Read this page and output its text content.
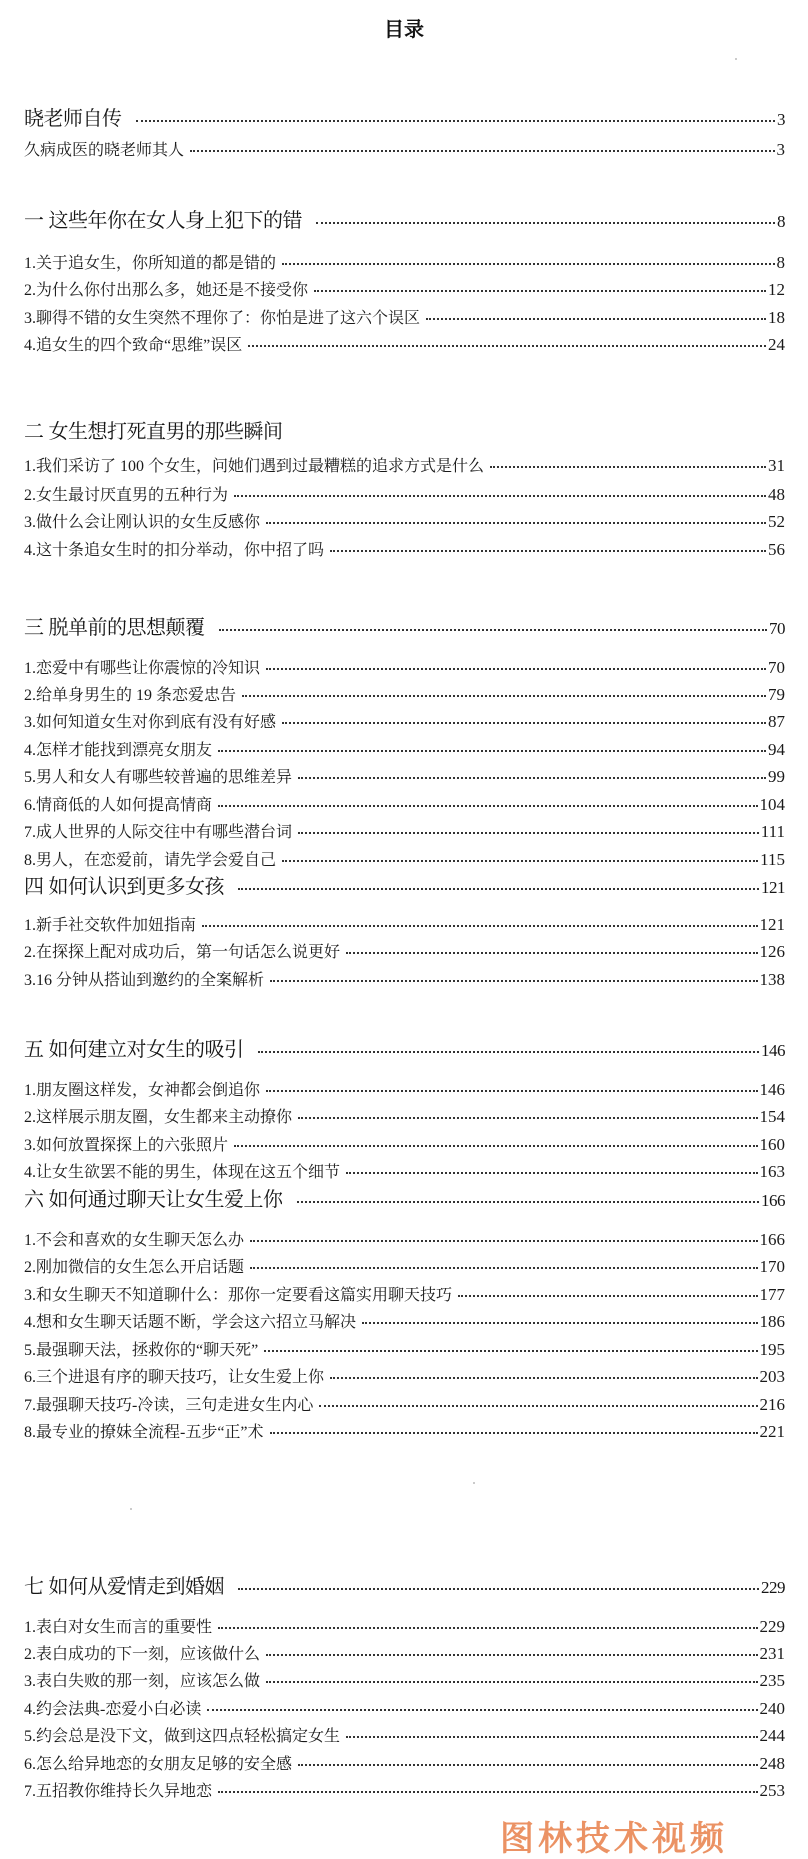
目录
晓老师自传	3
久病成医的晓老师其人	3
一 这些年你在女人身上犯下的错	8
1.关于追女生，你所知道的都是错的	8
2.为什么你付出那么多，她还是不接受你	12
3.聊得不错的女生突然不理你了：你怕是进了这六个误区	18
4.追女生的四个致命“思维”误区	24
二 女生想打死直男的那些瞬间
1.我们采访了 100 个女生，问她们遇到过最糟糕的追求方式是什么	31
2.女生最讨厌直男的五种行为	48
3.做什么会让刚认识的女生反感你	52
4.这十条追女生时的扣分举动，你中招了吗	56
三 脱单前的思想颠覆	70
1.恋爱中有哪些让你震惊的冷知识	70
2.给单身男生的 19 条恋爱忠告	79
3.如何知道女生对你到底有没有好感	87
4.怎样才能找到漂亮女朋友	94
5.男人和女人有哪些较普遍的思维差异	99
6.情商低的人如何提高情商	104
7.成人世界的人际交往中有哪些潜台词	111
8.男人，在恋爱前，请先学会爱自己	115
四 如何认识到更多女孩	121
1.新手社交软件加妞指南	121
2.在探探上配对成功后，第一句话怎么说更好	126
3.16 分钟从搭讪到邀约的全案解析	138
五 如何建立对女生的吸引	146
1.朋友圈这样发，女神都会倒追你	146
2.这样展示朋友圈，女生都来主动撩你	154
3.如何放置探探上的六张照片	160
4.让女生欲罢不能的男生，体现在这五个细节	163
六 如何通过聊天让女生爱上你	166
1.不会和喜欢的女生聊天怎么办	166
2.刚加微信的女生怎么开启话题	170
3.和女生聊天不知道聊什么：那你一定要看这篇实用聊天技巧	177
4.想和女生聊天话题不断，学会这六招立马解决	186
5.最强聊天法，拯救你的“聊天死”	195
6.三个进退有序的聊天技巧，让女生爱上你	203
7.最强聊天技巧-冷读，三句走进女生内心	216
8.最专业的撩妹全流程-五步“正”术	221
七 如何从爱情走到婚姻	229
1.表白对女生而言的重要性	229
2.表白成功的下一刻，应该做什么	231
3.表白失败的那一刻，应该怎么做	235
4.约会法典-恋爱小白必读	240
5.约会总是没下文，做到这四点轻松搞定女生	244
6.怎么给异地恋的女朋友足够的安全感	248
7.五招教你维持长久异地恋	253
图林技术视频
